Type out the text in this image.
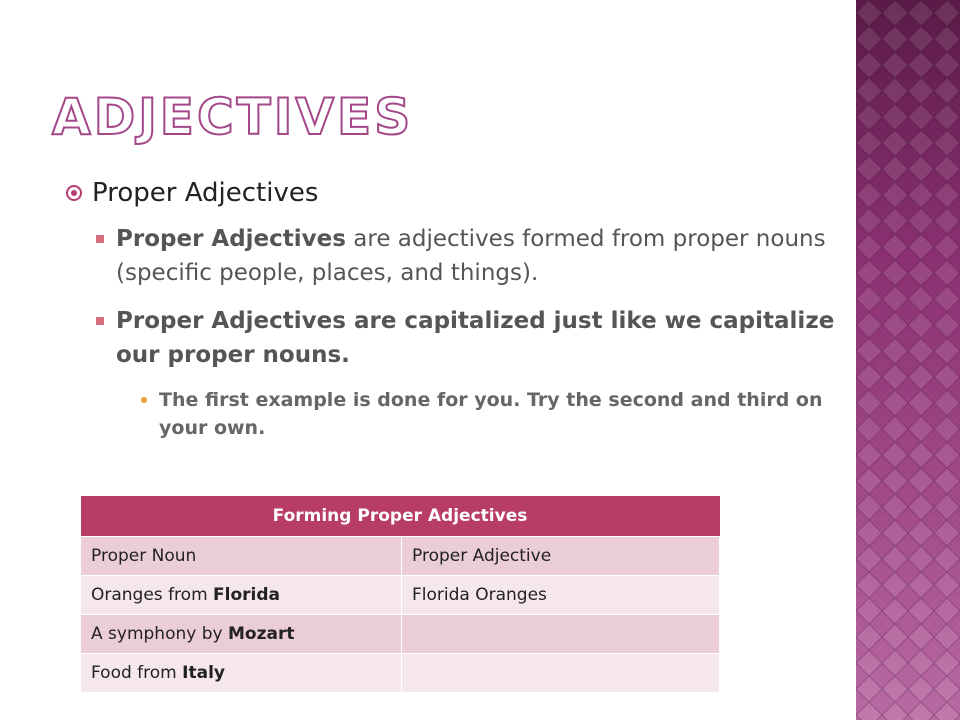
ADJECTIVES
Proper Adjectives
Proper Adjectives are adjectives formed from proper nouns (specific people, places, and things).
Proper Adjectives are capitalized just like we capitalize our proper nouns.
The first example is done for you. Try the second and third on your own.
Forming Proper Adjectives	
Proper Noun	Proper Adjective
Oranges from Florida	Florida Oranges
A symphony by Mozart	
Food from Italy	
